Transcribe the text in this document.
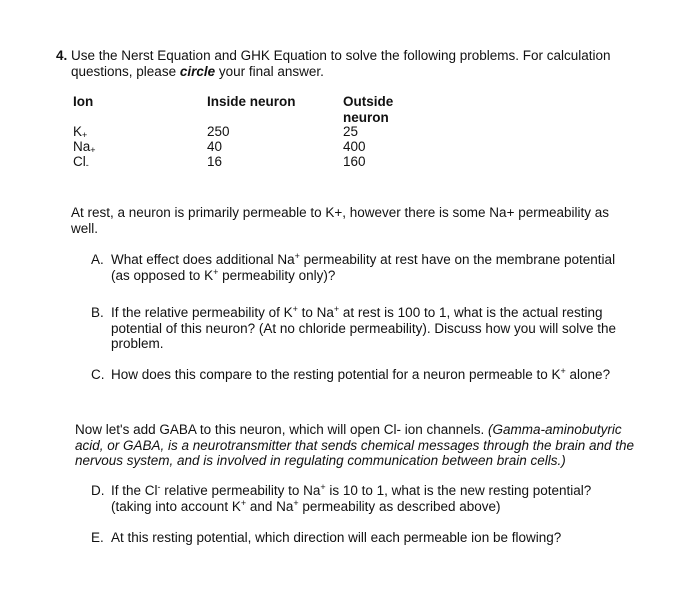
4. Use the Nerst Equation and GHK Equation to solve the following problems. For calculation
questions, please circle your final answer.
Ion	Inside neuron	Outside
neuron
$K_+$	250	25
$Na_+$	40	400
$Cl_-$	16	160
At rest, a neuron is primarily permeable to K+, however there is some Na+ permeability as
well.
A. What effect does additional Na+ permeability at rest have on the membrane potential
(as opposed to K+ permeability only)?
B. If the relative permeability of K+ to Na+ at rest is 100 to 1, what is the actual resting
potential of this neuron? (At no chloride permeability). Discuss how you will solve the
problem.
C. How does this compare to the resting potential for a neuron permeable to K+ alone?
Now let's add GABA to this neuron, which will open Cl- ion channels. (Gamma-aminobutyric
acid, or GABA, is a neurotransmitter that sends chemical messages through the brain and the
nervous system, and is involved in regulating communication between brain cells.)
D. If the Cl- relative permeability to Na+ is 10 to 1, what is the new resting potential?
(taking into account K+ and Na+ permeability as described above)
E. At this resting potential, which direction will each permeable ion be flowing?
